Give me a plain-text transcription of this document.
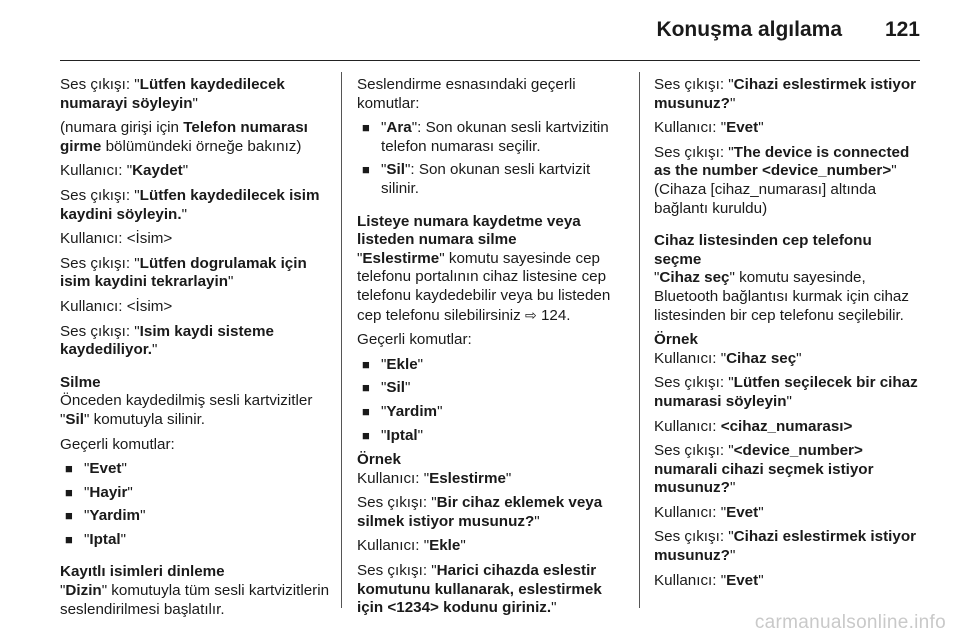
Konuşma algılama 121

Ses çıkışı: "Lütfen kaydedilecek numarayi söyleyin"

(numara girişi için Telefon numarası girme bölümündeki örneğe bakınız)

Kullanıcı: "Kaydet"

Ses çıkışı: "Lütfen kaydedilecek isim kaydini söyleyin."

Kullanıcı: <İsim>

Ses çıkışı: "Lütfen dogrulamak için isim kaydini tekrarlayin"

Kullanıcı: <İsim>

Ses çıkışı: "Isim kaydi sisteme kaydediliyor."

Silme

Önceden kaydedilmiş sesli kartvizitler "Sil" komutuyla silinir.

Geçerli komutlar:

■ "Evet"
■ "Hayir"
■ "Yardim"
■ "Iptal"

Kayıtlı isimleri dinleme

"Dizin" komutuyla tüm sesli kartvizitlerin seslendirilmesi başlatılır.

Seslendirme esnasındaki geçerli komutlar:

■ "Ara": Son okunan sesli kartvizitin telefon numarası seçilir.
■ "Sil": Son okunan sesli kartvizit silinir.

Listeye numara kaydetme veya listeden numara silme

"Eslestirme" komutu sayesinde cep telefonu portalının cihaz listesine cep telefonu kaydedebilir veya bu listeden cep telefonu silebilirsiniz ⇨ 124.

Geçerli komutlar:

■ "Ekle"
■ "Sil"
■ "Yardim"
■ "Iptal"

Örnek

Kullanıcı: "Eslestirme"

Ses çıkışı: "Bir cihaz eklemek veya silmek istiyor musunuz?"

Kullanıcı: "Ekle"

Ses çıkışı: "Harici cihazda eslestir komutunu kullanarak, eslestirmek için <1234> kodunu giriniz."

Ses çıkışı: "Cihazi eslestirmek istiyor musunuz?"

Kullanıcı: "Evet"

Ses çıkışı: "The device is connected as the number <device_number>" (Cihaza [cihaz_numarası] altında bağlantı kuruldu)

Cihaz listesinden cep telefonu seçme

"Cihaz seç" komutu sayesinde, Bluetooth bağlantısı kurmak için cihaz listesinden bir cep telefonu seçilebilir.

Örnek

Kullanıcı: "Cihaz seç"

Ses çıkışı: "Lütfen seçilecek bir cihaz numarasi söyleyin"

Kullanıcı: <cihaz_numarası>

Ses çıkışı: "<device_number> numarali cihazi seçmek istiyor musunuz?"

Kullanıcı: "Evet"

Ses çıkışı: "Cihazi eslestirmek istiyor musunuz?"

Kullanıcı: "Evet"

carmanualsonline.info
